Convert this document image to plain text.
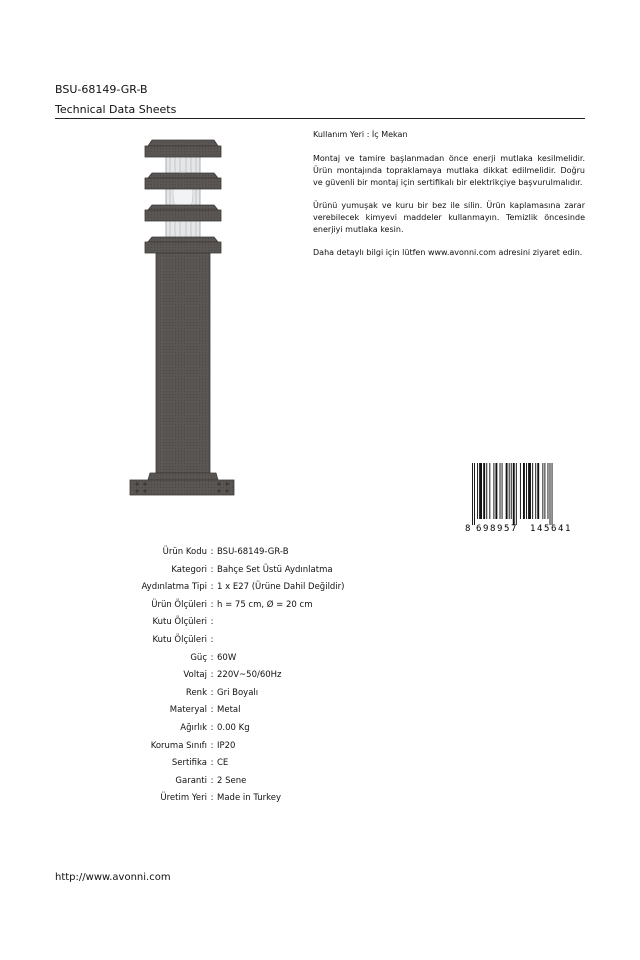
BSU-68149-GR-B
Technical Data Sheets

Kullanım Yeri : İç Mekan

Montaj ve tamire başlanmadan önce enerji mutlaka kesilmelidir. Ürün montajında topraklamaya mutlaka dikkat edilmelidir. Doğru ve güvenli bir montaj için sertifikalı bir elektrikçiye başvurulmalıdır.

Ürünü yumuşak ve kuru bir bez ile silin. Ürün kaplamasına zarar verebilecek kimyevi maddeler kullanmayın. Temizlik öncesinde enerjiyi mutlaka kesin.

Daha detaylı bilgi için lütfen www.avonni.com adresini ziyaret edin.

8 698957 145641
Ürün Kodu : BSU-68149-GR-B
Kategori : Bahçe Set Üstü Aydınlatma
Aydınlatma Tipi : 1 x E27 (Ürüne Dahil Değildir)
Ürün Ölçüleri : h = 75 cm, Ø = 20 cm
Kutu Ölçüleri :
Kutu Ölçüleri :
Güç : 60W
Voltaj : 220V~50/60Hz
Renk : Gri Boyalı
Materyal : Metal
Ağırlık : 0.00 Kg
Koruma Sınıfı : IP20
Sertifika : CE
Garanti : 2 Sene
Üretim Yeri : Made in Turkey
http://www.avonni.com
